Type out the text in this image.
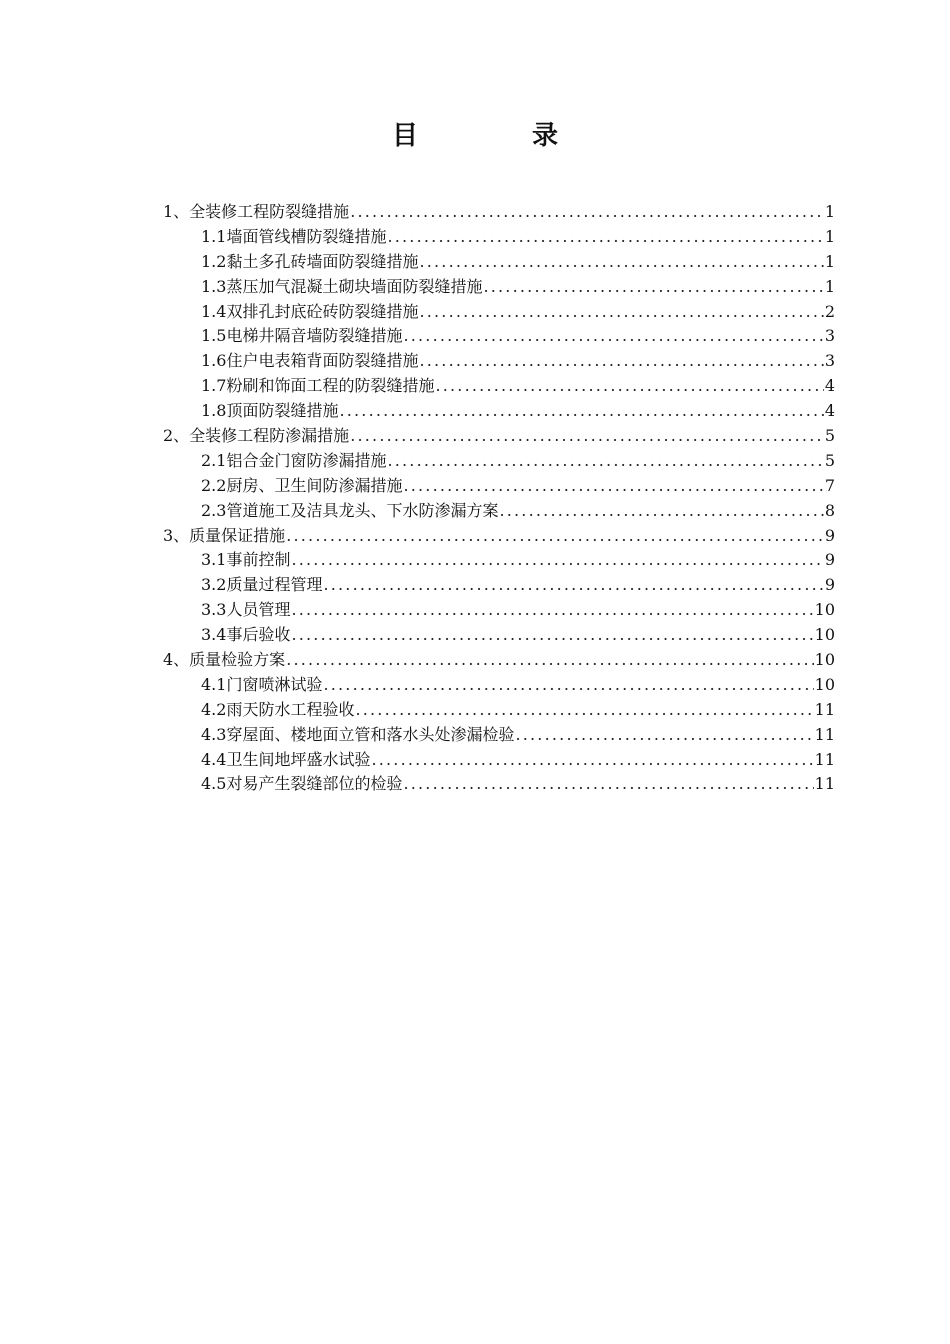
目　录
1、全装修工程防裂缝措施 .....	1
1.1墙面管线槽防裂缝措施 .....	1
1.2黏土多孔砖墙面防裂缝措施 .....	1
1.3蒸压加气混凝土砌块墙面防裂缝措施 .....	1
1.4双排孔封底砼砖防裂缝措施 .....	2
1.5电梯井隔音墙防裂缝措施 .....	3
1.6住户电表箱背面防裂缝措施 .....	3
1.7粉刷和饰面工程的防裂缝措施 .....	4
1.8顶面防裂缝措施 .....	4
2、全装修工程防渗漏措施 .....	5
2.1铝合金门窗防渗漏措施 .....	5
2.2厨房、卫生间防渗漏措施 .....	7
2.3管道施工及洁具龙头、下水防渗漏方案 .....	8
3、质量保证措施 .....	9
3.1事前控制 .....	9
3.2质量过程管理 .....	9
3.3人员管理 .....	10
3.4事后验收 .....	10
4、质量检验方案 .....	10
4.1门窗喷淋试验 .....	10
4.2雨天防水工程验收 .....	11
4.3穿屋面、楼地面立管和落水头处渗漏检验 .....	11
4.4卫生间地坪盛水试验 .....	11
4.5对易产生裂缝部位的检验 .....	11
